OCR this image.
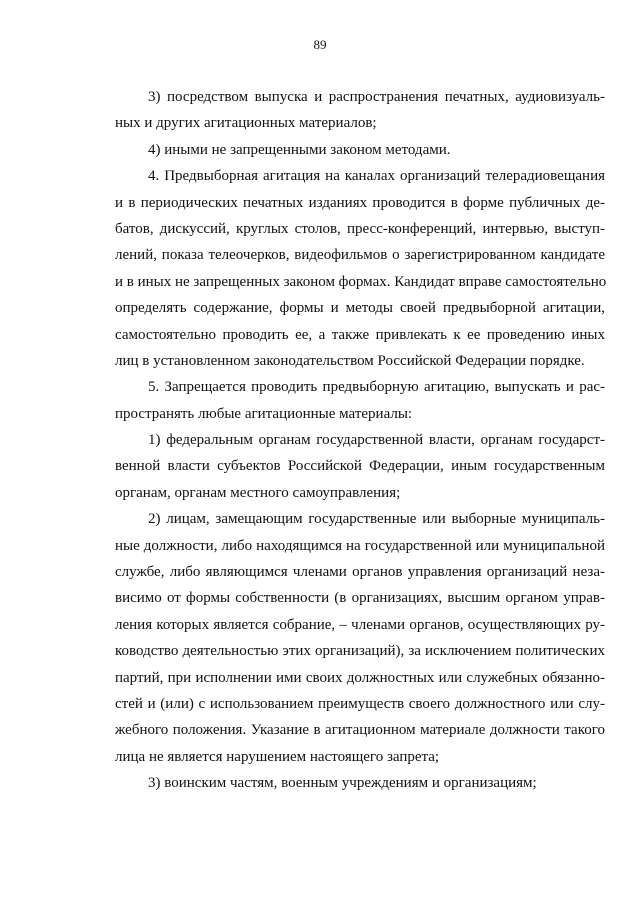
89
3) посредством выпуска и распространения печатных, аудиовизуаль-
ных и других агитационных материалов;
4) иными не запрещенными законом методами.
4. Предвыборная агитация на каналах организаций телерадиовещания
и в периодических печатных изданиях проводится в форме публичных де-
батов, дискуссий, круглых столов, пресс-конференций, интервью, выступ-
лений, показа телеочерков, видеофильмов о зарегистрированном кандидате
и в иных не запрещенных законом формах. Кандидат вправе самостоятельно
определять содержание, формы и методы своей предвыборной агитации,
самостоятельно проводить ее, а также привлекать к ее проведению иных
лиц в установленном законодательством Российской Федерации порядке.
5. Запрещается проводить предвыборную агитацию, выпускать и рас-
пространять любые агитационные материалы:
1) федеральным органам государственной власти, органам государст-
венной власти субъектов Российской Федерации, иным государственным
органам, органам местного самоуправления;
2) лицам, замещающим государственные или выборные муниципаль-
ные должности, либо находящимся на государственной или муниципальной
службе, либо являющимся членами органов управления организаций неза-
висимо от формы собственности (в организациях, высшим органом управ-
ления которых является собрание, – членами органов, осуществляющих ру-
ководство деятельностью этих организаций), за исключением политических
партий, при исполнении ими своих должностных или служебных обязанно-
стей и (или) с использованием преимуществ своего должностного или слу-
жебного положения. Указание в агитационном материале должности такого
лица не является нарушением настоящего запрета;
3) воинским частям, военным учреждениям и организациям;
